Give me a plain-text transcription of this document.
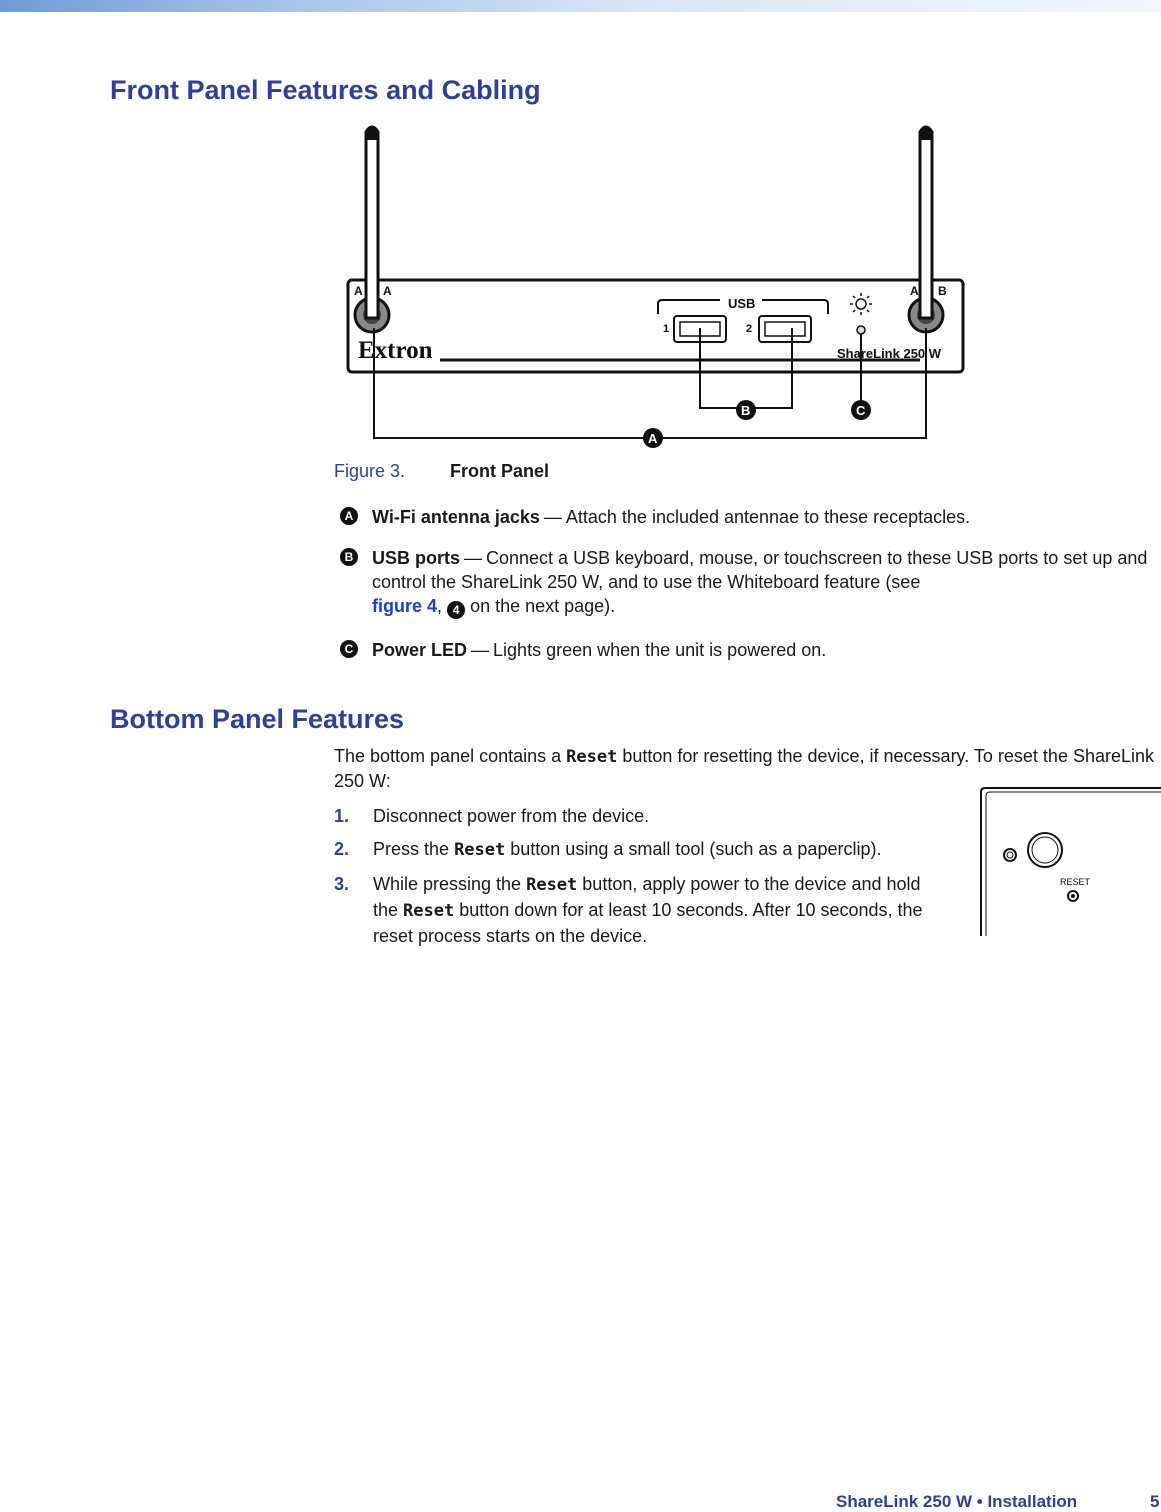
Front Panel Features and Cabling
A A	A B
Extron	ShareLink 250 W
USB
1	2
A
B	C
Figure 3. Front Panel
A Wi-Fi antenna jacks — Attach the included antennae to these receptacles.
B USB ports — Connect a USB keyboard, mouse, or touchscreen to these USB ports to set up and control the ShareLink 250 W, and to use the Whiteboard feature (see
figure 4, 4 on the next page).
C Power LED — Lights green when the unit is powered on.
Bottom Panel Features
The bottom panel contains a Reset button for resetting the device, if necessary. To reset the ShareLink 250 W:
1. Disconnect power from the device.
2. Press the Reset button using a small tool (such as a paperclip).
3. While pressing the Reset button, apply power to the device and hold the Reset button down for at least 10 seconds. After 10 seconds, the reset process starts on the device.
RESET
ShareLink 250 W • Installation	5
